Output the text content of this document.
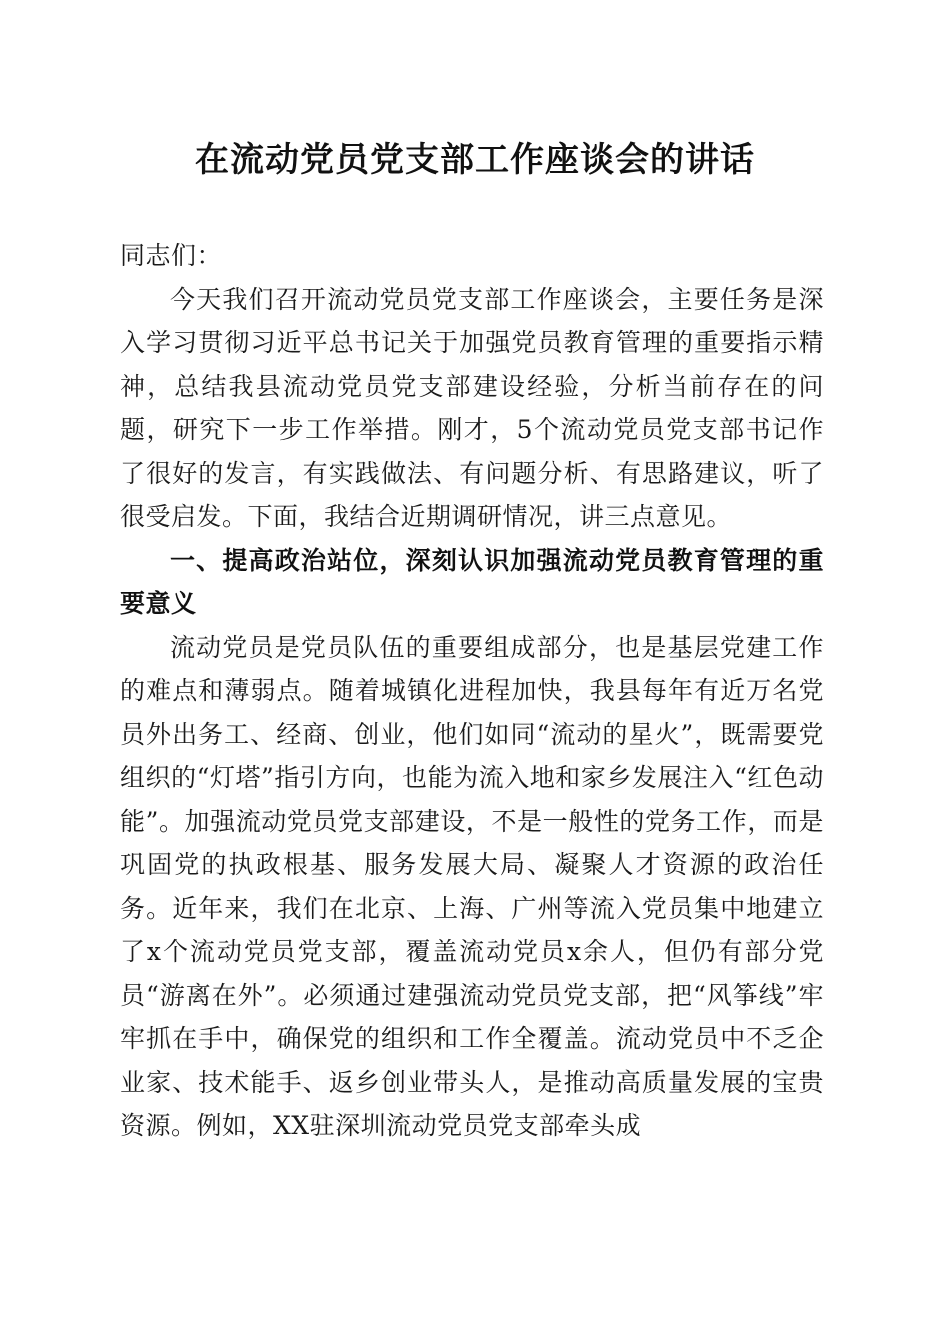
在流动党员党支部工作座谈会的讲话

同志们：

今天我们召开流动党员党支部工作座谈会，主要任务是深入学习贯彻习近平总书记关于加强党员教育管理的重要指示精神，总结我县流动党员党支部建设经验，分析当前存在的问题，研究下一步工作举措。刚才，5个流动党员党支部书记作了很好的发言，有实践做法、有问题分析、有思路建议，听了很受启发。下面，我结合近期调研情况，讲三点意见。

一、提高政治站位，深刻认识加强流动党员教育管理的重要意义

流动党员是党员队伍的重要组成部分，也是基层党建工作的难点和薄弱点。随着城镇化进程加快，我县每年有近万名党员外出务工、经商、创业，他们如同“流动的星火”，既需要党组织的“灯塔”指引方向，也能为流入地和家乡发展注入“红色动能”。加强流动党员党支部建设，不是一般性的党务工作，而是巩固党的执政根基、服务发展大局、凝聚人才资源的政治任务。近年来，我们在北京、上海、广州等流入党员集中地建立了x个流动党员党支部，覆盖流动党员x余人，但仍有部分党员“游离在外”。必须通过建强流动党员党支部，把“风筝线”牢牢抓在手中，确保党的组织和工作全覆盖。流动党员中不乏企业家、技术能手、返乡创业带头人，是推动高质量发展的宝贵资源。例如，XX驻深圳流动党员党支部牵头成
